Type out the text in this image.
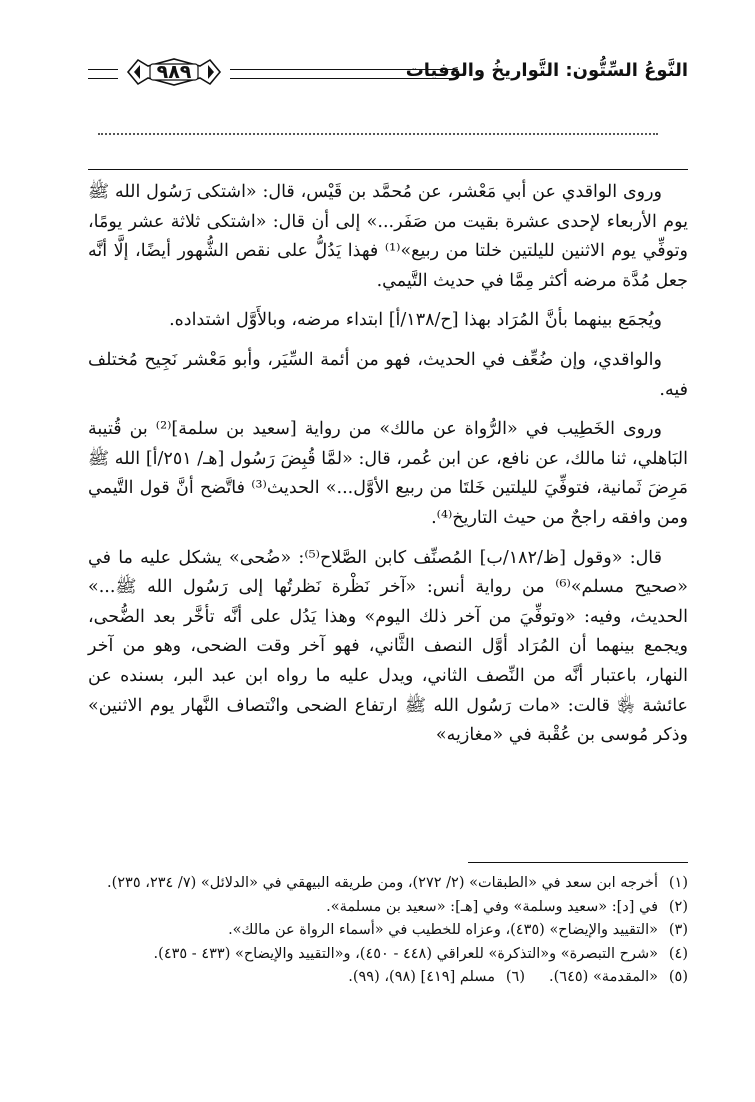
النَّوعُ السِّتُّون: التَّواريخُ والوَفيات
٩٨٩

وروى الواقدي عن أبي مَعْشر، عن مُحمَّد بن قَيْس، قال: «اشتكى رَسُول الله ﷺ يوم الأربعاء لإحدى عشرة بقيت من صَفَر...» إلى أن قال: «اشتكى ثلاثة عشر يومًا، وتوفِّي يوم الاثنين لليلتين خلتا من ربيع»⁽¹⁾ فهذا يَدُلُّ على نقص الشُّهور أيضًا، إلَّا أنَّه جعل مُدَّة مرضه أكثر مِمَّا في حديث التَّيمي.

ويُجمَع بينهما بأنَّ المُرَاد بهذا [ح/١٣٨/أ] ابتداء مرضه، وبالأَوَّل اشتداده.

والواقدي، وإن ضُعِّف في الحديث، فهو من أئمة السِّيَر، وأبو مَعْشر نَجِيح مُختلف فيه.

وروى الخَطِيب في «الرُّواة عن مالك» من رواية [سعيد بن سلمة]⁽²⁾ بن قُتيبة البَاهلي، ثنا مالك، عن نافع، عن ابن عُمر، قال: «لمَّا قُبِضَ رَسُول [هـ/ ٢٥١/أ] الله ﷺ مَرِضَ ثَمانية، فتوفِّيَ لليلتين خَلتَا من ربيع الأوَّل...» الحديث⁽³⁾ فاتَّضح أنَّ قول التَّيمي ومن وافقه راجحٌ من حيث التاريخ⁽⁴⁾.

قال: «وقول [ظ/١٨٢/ب] المُصنِّف كابن الصَّلاح⁽⁵⁾: «ضُحى» يشكل عليه ما في «صحيح مسلم»⁽⁶⁾ من رواية أنس: «آخر نَظْرة نَظرتُها إلى رَسُول الله ﷺ...» الحديث، وفيه: «وتوفِّيَ من آخر ذلك اليوم» وهذا يَدُل على أنَّه تأخَّر بعد الضُّحى، ويجمع بينهما أن المُرَاد أوَّل النصف الثَّاني، فهو آخر وقت الضحى، وهو من آخر النهار، باعتبار أنَّه من النِّصف الثاني، ويدل عليه ما رواه ابن عبد البر، بسنده عن عائشة ﵂ قالت: «مات رَسُول الله ﷺ ارتفاع الضحى وانْتصاف النَّهار يوم الاثنين» وذكر مُوسى بن عُقْبة في «مغازيه»

(١)
أخرجه ابن سعد في «الطبقات» (٢/ ٢٧٢)، ومن طريقه البيهقي في «الدلائل» (٧/ ٢٣٤، ٢٣٥).

(٢)
في [د]: «سعيد وسلمة» وفي [هـ]: «سعيد بن مسلمة».

(٣)
«التقييد والإيضاح» (٤٣٥)، وعزاه للخطيب في «أسماء الرواة عن مالك».

(٤)
«شرح التبصرة» و«التذكرة» للعراقي (٤٤٨ - ٤٥٠)، و«التقييد والإيضاح» (٤٣٣ - ٤٣٥).

(٥)
«المقدمة» (٦٤٥).

(٦)
مسلم [٤١٩] (٩٨)، (٩٩).
